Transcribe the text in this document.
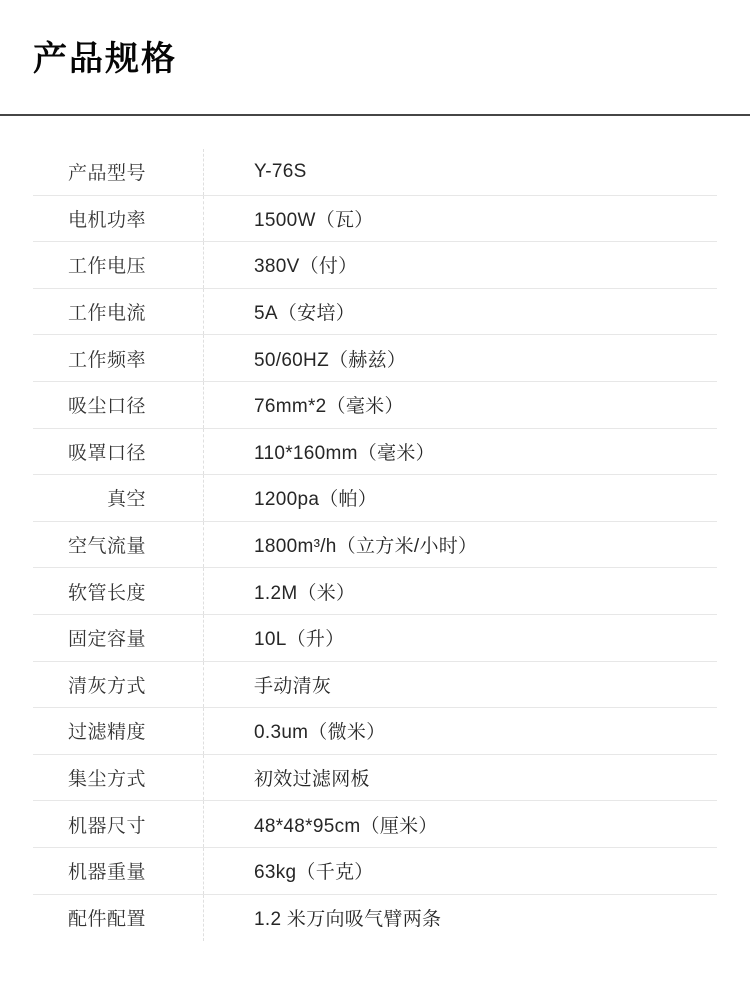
产品规格
产品型号	Y-76S
电机功率	1500W（瓦）
工作电压	380V（付）
工作电流	5A（安培）
工作频率	50/60HZ（赫兹）
吸尘口径	76mm*2（毫米）
吸罩口径	110*160mm（毫米）
真空	1200pa（帕）
空气流量	1800m³/h（立方米/小时）
软管长度	1.2M（米）
固定容量	10L（升）
清灰方式	手动清灰
过滤精度	0.3um（微米）
集尘方式	初效过滤网板
机器尺寸	48*48*95cm（厘米）
机器重量	63kg（千克）
配件配置	1.2 米万向吸气臂两条
